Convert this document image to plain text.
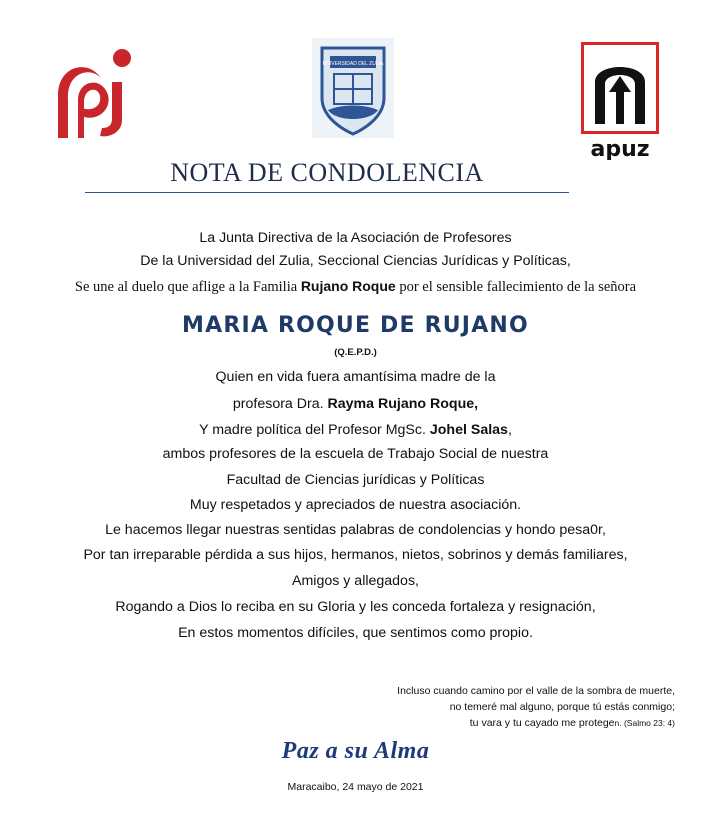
UNIVERSIDAD DEL ZULIA
apuz
NOTA DE CONDOLENCIA
La Junta Directiva de la Asociación de Profesores
De la Universidad del Zulia, Seccional Ciencias Jurídicas y Políticas,
Se une al duelo que aflige a la Familia Rujano Roque por el sensible fallecimiento de la señora
MARIA ROQUE DE RUJANO
(Q.E.P.D.)
Quien en vida fuera amantísima madre de la
profesora Dra. Rayma Rujano Roque,
Y madre política del Profesor MgSc. Johel Salas,
ambos profesores de la escuela de Trabajo Social de nuestra
Facultad de Ciencias jurídicas y Políticas
Muy respetados y apreciados de nuestra asociación.
Le hacemos llegar nuestras sentidas palabras de condolencias y hondo pesa0r,
Por tan irreparable pérdida a sus hijos, hermanos, nietos, sobrinos y demás familiares,
Amigos y allegados,
Rogando a Dios lo reciba en su Gloria y les conceda fortaleza y resignación,
En estos momentos difíciles, que sentimos como propio.
Incluso cuando camino por el valle de la sombra de muerte,
no temeré mal alguno, porque tú estás conmigo;
tu vara y tu cayado me protegen. (Salmo 23: 4)
Paz a su Alma
Maracaibo, 24 mayo de 2021
